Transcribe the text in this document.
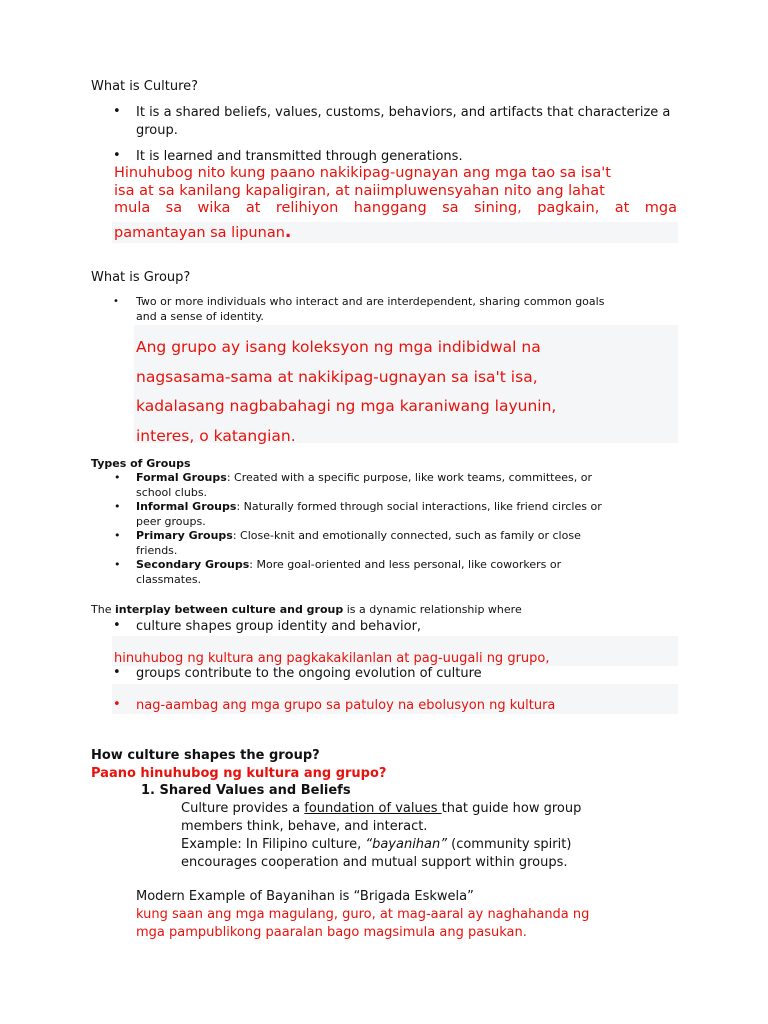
What is Culture?
• It is a shared beliefs, values, customs, behaviors, and artifacts that characterize a group.
• It is learned and transmitted through generations.
Hinuhubog nito kung paano nakikipag-ugnayan ang mga tao sa isa't
isa at sa kanilang kapaligiran, at naiimpluwensyahan nito ang lahat
mula sa wika at relihiyon hanggang sa sining, pagkain, at mga
pamantayan sa lipunan.
What is Group?
• Two or more individuals who interact and are interdependent, sharing common goals
and a sense of identity.
Ang grupo ay isang koleksyon ng mga indibidwal na
nagsasama-sama at nakikipag-ugnayan sa isa't isa,
kadalasang nagbabahagi ng mga karaniwang layunin,
interes, o katangian.
Types of Groups
• Formal Groups: Created with a specific purpose, like work teams, committees, or
school clubs.
• Informal Groups: Naturally formed through social interactions, like friend circles or
peer groups.
• Primary Groups: Close-knit and emotionally connected, such as family or close
friends.
• Secondary Groups: More goal-oriented and less personal, like coworkers or
classmates.
The interplay between culture and group is a dynamic relationship where
• culture shapes group identity and behavior,
hinuhubog ng kultura ang pagkakakilanlan at pag-uugali ng grupo,
• groups contribute to the ongoing evolution of culture
• nag-aambag ang mga grupo sa patuloy na ebolusyon ng kultura
How culture shapes the group?
Paano hinuhubog ng kultura ang grupo?
1. Shared Values and Beliefs
Culture provides a foundation of values that guide how group
members think, behave, and interact.
Example: In Filipino culture, “bayanihan” (community spirit)
encourages cooperation and mutual support within groups.
Modern Example of Bayanihan is “Brigada Eskwela”
kung saan ang mga magulang, guro, at mag-aaral ay naghahanda ng
mga pampublikong paaralan bago magsimula ang pasukan.
